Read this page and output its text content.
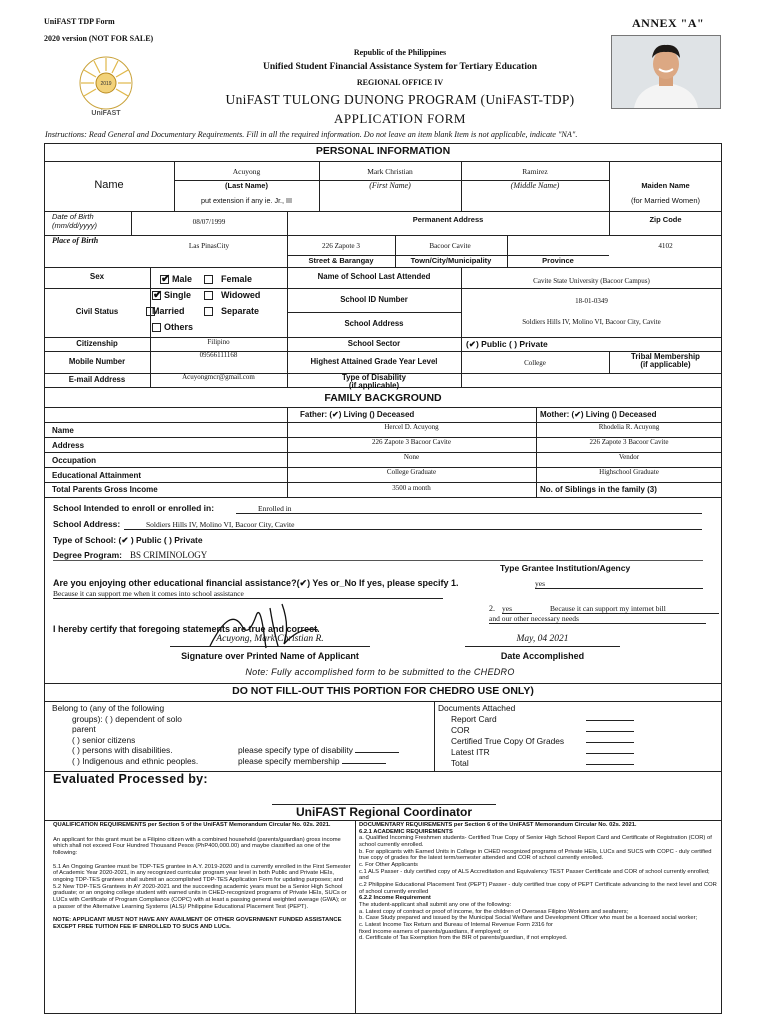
UniFAST TDP Form
2020 version (NOT FOR SALE)
ANNEX "A"
2019
UniFAST
Republic of the Philippines
Unified Student Financial Assistance System for Tertiary Education
REGIONAL OFFICE IV
UniFAST TULONG DUNONG PROGRAM (UniFAST-TDP)
APPLICATION FORM
Instructions: Read General and Documentary Requirements. Fill in all the required information. Do not leave an item blank Item is not applicable, indicate "NA".
PERSONAL INFORMATION
Name
Acuyong	Mark Christian	Ramirez
(Last Name)	(First Name)	(Middle Name)
put extension if any ie. Jr., III
Maiden Name
(for Married Women)
Date of Birth
(mm/dd/yyyy)	08/07/1999	Permanent Address	Zip Code
Place of Birth
Las PinasCity	226 Zapote 3	Bacoor Cavite	4102
Street & Barangay	Town/City/Municipality	Province
Sex
✔	Male	Female	Name of School Last Attended	Cavite State University (Bacoor Campus)
Civil Status
✔Single	Widowed
Married	Separate
Others
School ID Number	18-01-0349
School Address	Soldiers Hills IV, Molino VI, Bacoor City, Cavite
Citizenship	Filipino	School Sector	(✔) Public ( ) Private
Mobile Number
09566111168
Highest Attained Grade Year Level	College
Tribal Membership
(if applicable)
E-mail Address	Acuyongmcr@gmail.com	Type of Disability
(if applicable)
FAMILY BACKGROUND
Father: (✔) Living () Deceased	Mother: (✔) Living () Deceased
Name	Hercel D. Acuyong	Rhodelia R. Acuyong
Address	226 Zapote 3 Bacoor Cavite	226 Zapote 3 Bacoor Cavite
Occupation	None	Vendor
Educational Attainment	College Graduate	Highschool Graduate
Total Parents Gross Income	3500 a month	No. of Siblings in the family (3)
School Intended to enroll or enrolled in:	Enrolled in
School Address:	Soldiers Hills IV, Molino VI, Bacoor City, Cavite
Type of School: (✔ ) Public ( ) Private
Degree Program: BS CRIMINOLOGY
Type Grantee Institution/Agency
Are you enjoying other educational financial assistance?(✔) Yes or_No If yes, please specify 1.	yes
Because it can support me when it comes into school assistance
2. yes	Because it can support my internet bill
and our other necessary needs
I hereby certify that foregoing statements are true and correct.
Acuyong, Mark Christian R.	May, 04 2021
Signature over Printed Name of Applicant	Date Accomplished
Note: Fully accomplished form to be submitted to the CHEDRO
DO NOT FILL-OUT THIS PORTION FOR CHEDRO USE ONLY)
Belong to (any of the following
groups): ( ) dependent of solo
parent
( ) senior citizens
( ) persons with disabilities.
( ) Indigenous and ethnic peoples.
please specify type of disability
please specify membership
Documents Attached
Report Card
COR
Certified True Copy Of Grades
Latest ITR
Total
Evaluated Processed by:
UniFAST Regional Coordinator
QUALIFICATION REQUIREMENTS per Section 5 of the UniFAST Memorandum Circular No. 02s. 2021.
An applicant for this grant must be a Filipino citizen with a combined household (parents/guardian) gross income which shall not exceed Four Hundred Thousand Pesos (PhP400,000.00) and maybe classified as one of the following:
5.1 An Ongoing Grantee must be TDP-TES grantee in A.Y. 2019-2020 and is currently enrolled in the First Semester of Academic Year 2020-2021, in any recognized curricular program year level in both Public and Private HEIs, ongoing TDP-TES grantees shall submit an accomplished TDP-TES Application Form for updating purposes; and
5.2 New TDP-TES Grantees in AY 2020-2021 and the succeeding academic years must be a Senior High School graduate; or an ongoing college student with earned units in CHED-recognized programs of Private HEIs, SUCs or LUCs with Certificate of Program Compliance (COPC) with at least a passing general weighted average (GWA); or a passer of the Alternative Learning Systems (ALS)/ Philippine Educational Placement Test (PEPT).
NOTE: APPLICANT MUST NOT HAVE ANY AVAILMENT OF OTHER GOVERNMENT FUNDED ASSISTANCE EXCEPT FREE TUITION FEE IF ENROLLED TO SUCS AND LUCs.
DOCUMENTARY REQUIREMENTS per Section 6 of the UniFAST Memorandum Circular No. 02s. 2021.
6.2.1 ACADEMIC REQUIREMENTS
a. Qualified Incoming Freshmen students- Certified True Copy of Senior High School Report Card and Certificate of Registration (COR) of school currently enrolled.
b. For applicants with Earned Units in College in CHED recognized programs of Private HEIs, LUCs and SUCS with COPC - duly certified true copy of grades for the latest term/semester attended and COR of school currently enrolled.
c. For Other Applicants
c.1 ALS Passer - duly certified copy of ALS Accreditation and Equivalency TEST Passer Certificate and COR of school currently enrolled; and
c.2 Philippine Educational Placement Test (PEPT) Passer - duly certified true copy of PEPT Certificate advancing to the next level and COR of school currently enrolled
6.2.2 Income Requirement
The student-applicant shall submit any one of the following:
a. Latest copy of contract or proof of income, for the children of Overseas Filipino Workers and seafarers;
b. Case Study prepared and issued by the Municipal Social Welfare and Development Officer who must be a licensed social worker;
c. Latest Income Tax Return and Bureau of Internal Revenue Form 2316 for
fixed income earners of parents/guardians, if employed; or
d. Certificate of Tax Exemption from the BIR of parents/guardian, if not employed.
